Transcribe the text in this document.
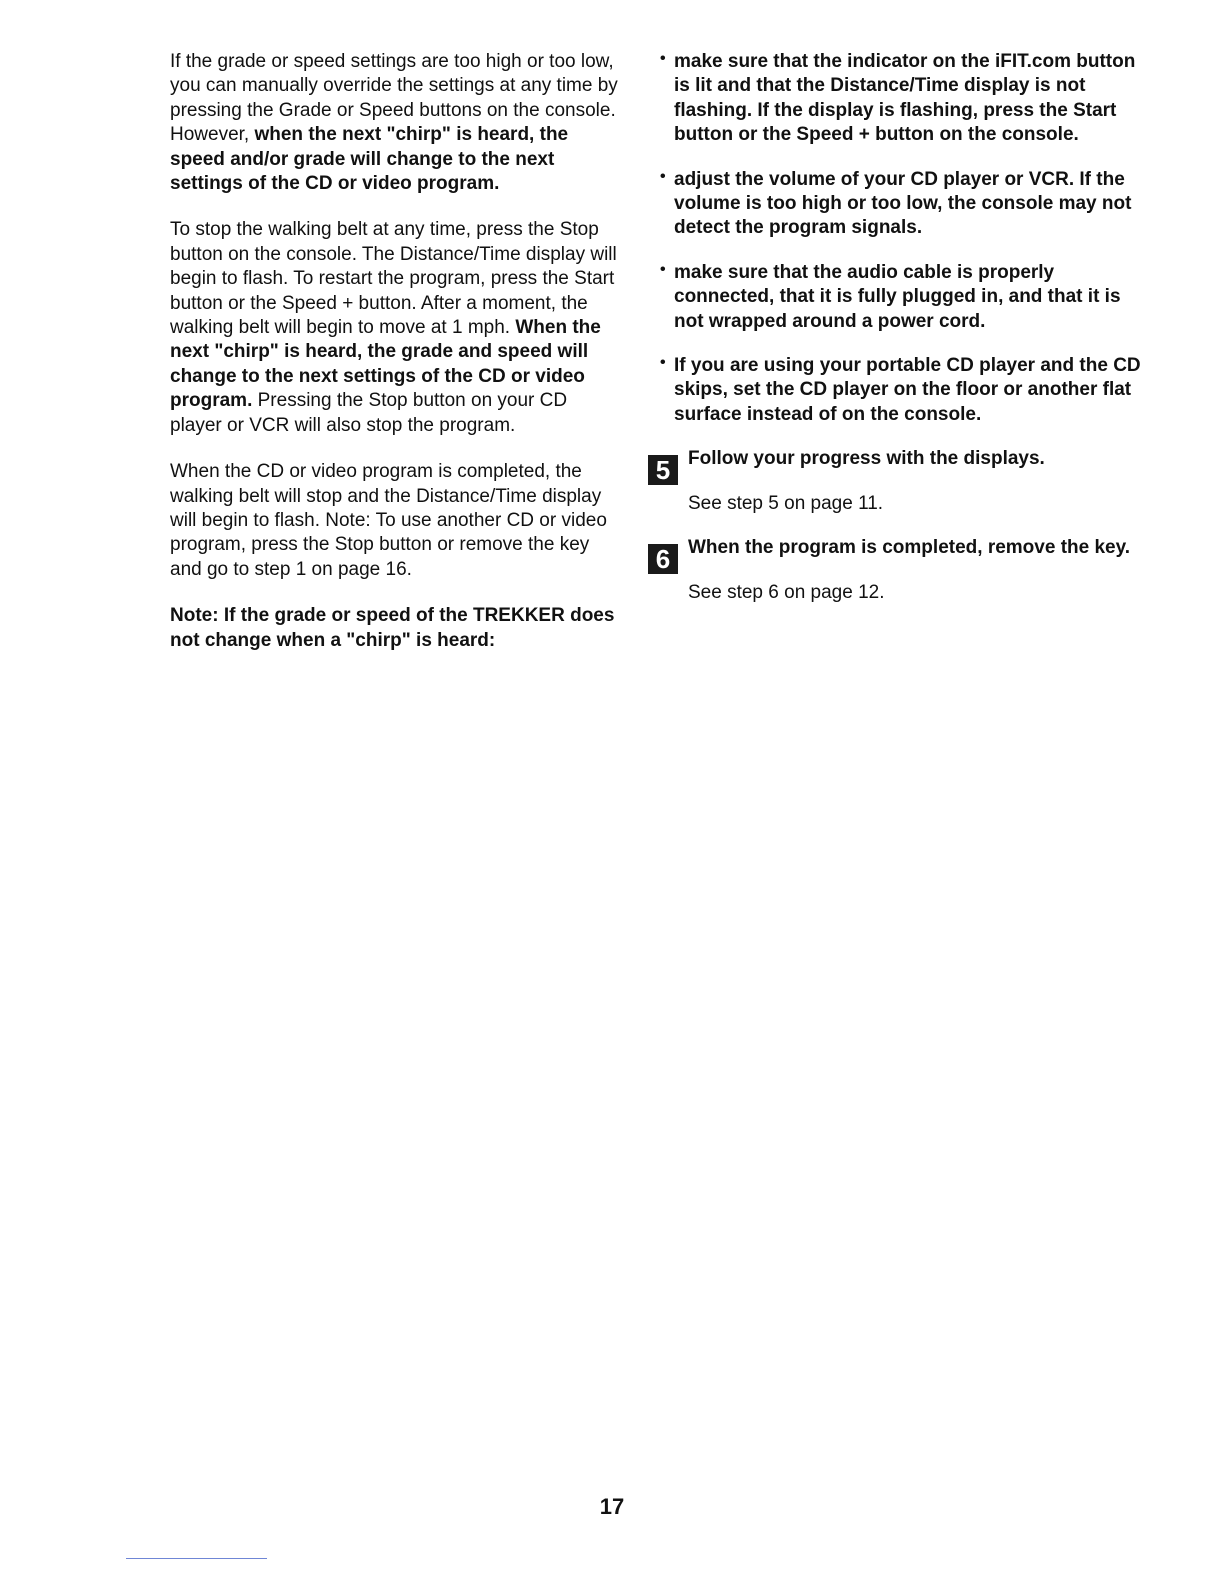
If the grade or speed settings are too high or too low, you can manually override the settings at any time by pressing the Grade or Speed buttons on the console. However, when the next "chirp" is heard, the speed and/or grade will change to the next settings of the CD or video program.

To stop the walking belt at any time, press the Stop button on the console. The Distance/Time display will begin to flash. To restart the program, press the Start button or the Speed + button. After a moment, the walking belt will begin to move at 1 mph. When the next "chirp" is heard, the grade and speed will change to the next settings of the CD or video program. Pressing the Stop button on your CD player or VCR will also stop the program.

When the CD or video program is completed, the walking belt will stop and the Distance/Time display will begin to flash. Note: To use another CD or video program, press the Stop button or remove the key and go to step 1 on page 16.

Note: If the grade or speed of the TREKKER does not change when a "chirp" is heard:

• make sure that the indicator on the iFIT.com button is lit and that the Distance/Time display is not flashing. If the display is flashing, press the Start button or the Speed + button on the console.

• adjust the volume of your CD player or VCR. If the volume is too high or too low, the console may not detect the program signals.

• make sure that the audio cable is properly connected, that it is fully plugged in, and that it is not wrapped around a power cord.

• If you are using your portable CD player and the CD skips, set the CD player on the floor or another flat surface instead of on the console.

5 Follow your progress with the displays.

See step 5 on page 11.

6 When the program is completed, remove the key.

See step 6 on page 12.

17
